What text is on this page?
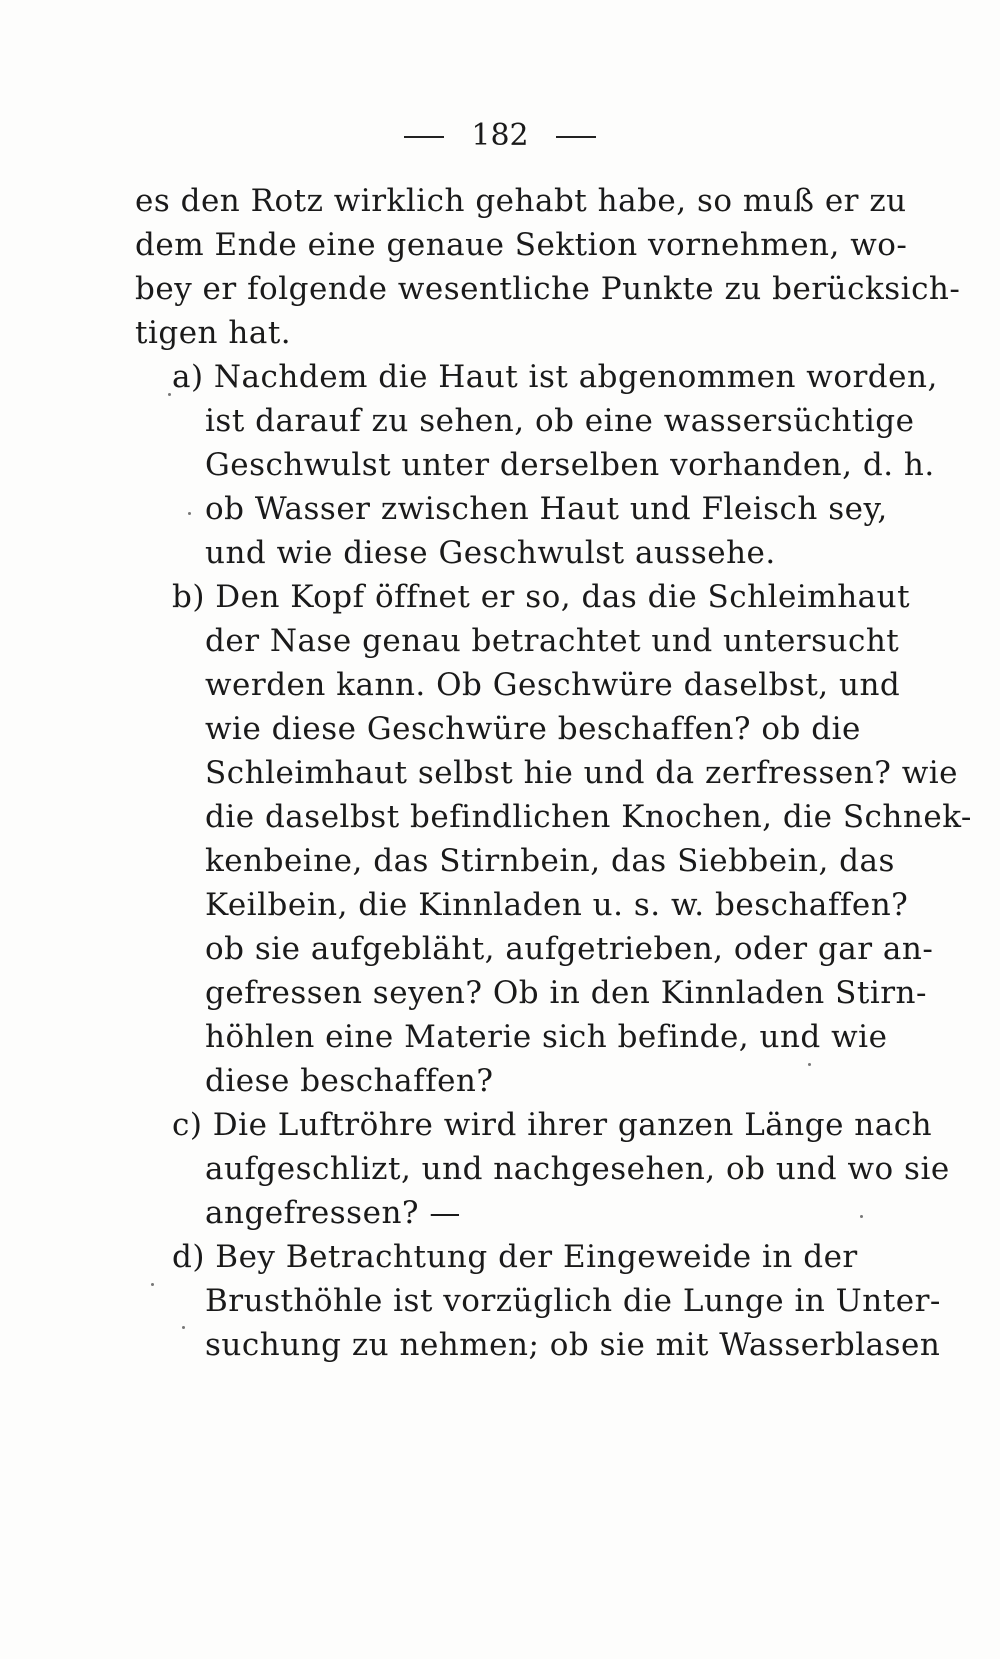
182
es den Rotz wirklich gehabt habe, so muß er zu
dem Ende eine genaue Sektion vornehmen, wo-
bey er folgende wesentliche Punkte zu berücksich-
tigen hat.
a) Nachdem die Haut ist abgenommen worden,
ist darauf zu sehen, ob eine wassersüchtige
Geschwulst unter derselben vorhanden, d. h.
ob Wasser zwischen Haut und Fleisch sey,
und wie diese Geschwulst aussehe.
b) Den Kopf öffnet er so, das die Schleimhaut
der Nase genau betrachtet und untersucht
werden kann. Ob Geschwüre daselbst, und
wie diese Geschwüre beschaffen? ob die
Schleimhaut selbst hie und da zerfressen? wie
die daselbst befindlichen Knochen, die Schnek-
kenbeine, das Stirnbein, das Siebbein, das
Keilbein, die Kinnladen u. s. w. beschaffen?
ob sie aufgebläht, aufgetrieben, oder gar an-
gefressen seyen? Ob in den Kinnladen Stirn-
höhlen eine Materie sich befinde, und wie
diese beschaffen?
c) Die Luftröhre wird ihrer ganzen Länge nach
aufgeschlizt, und nachgesehen, ob und wo sie
angefressen? —
d) Bey Betrachtung der Eingeweide in der
Brusthöhle ist vorzüglich die Lunge in Unter-
suchung zu nehmen; ob sie mit Wasserblasen
